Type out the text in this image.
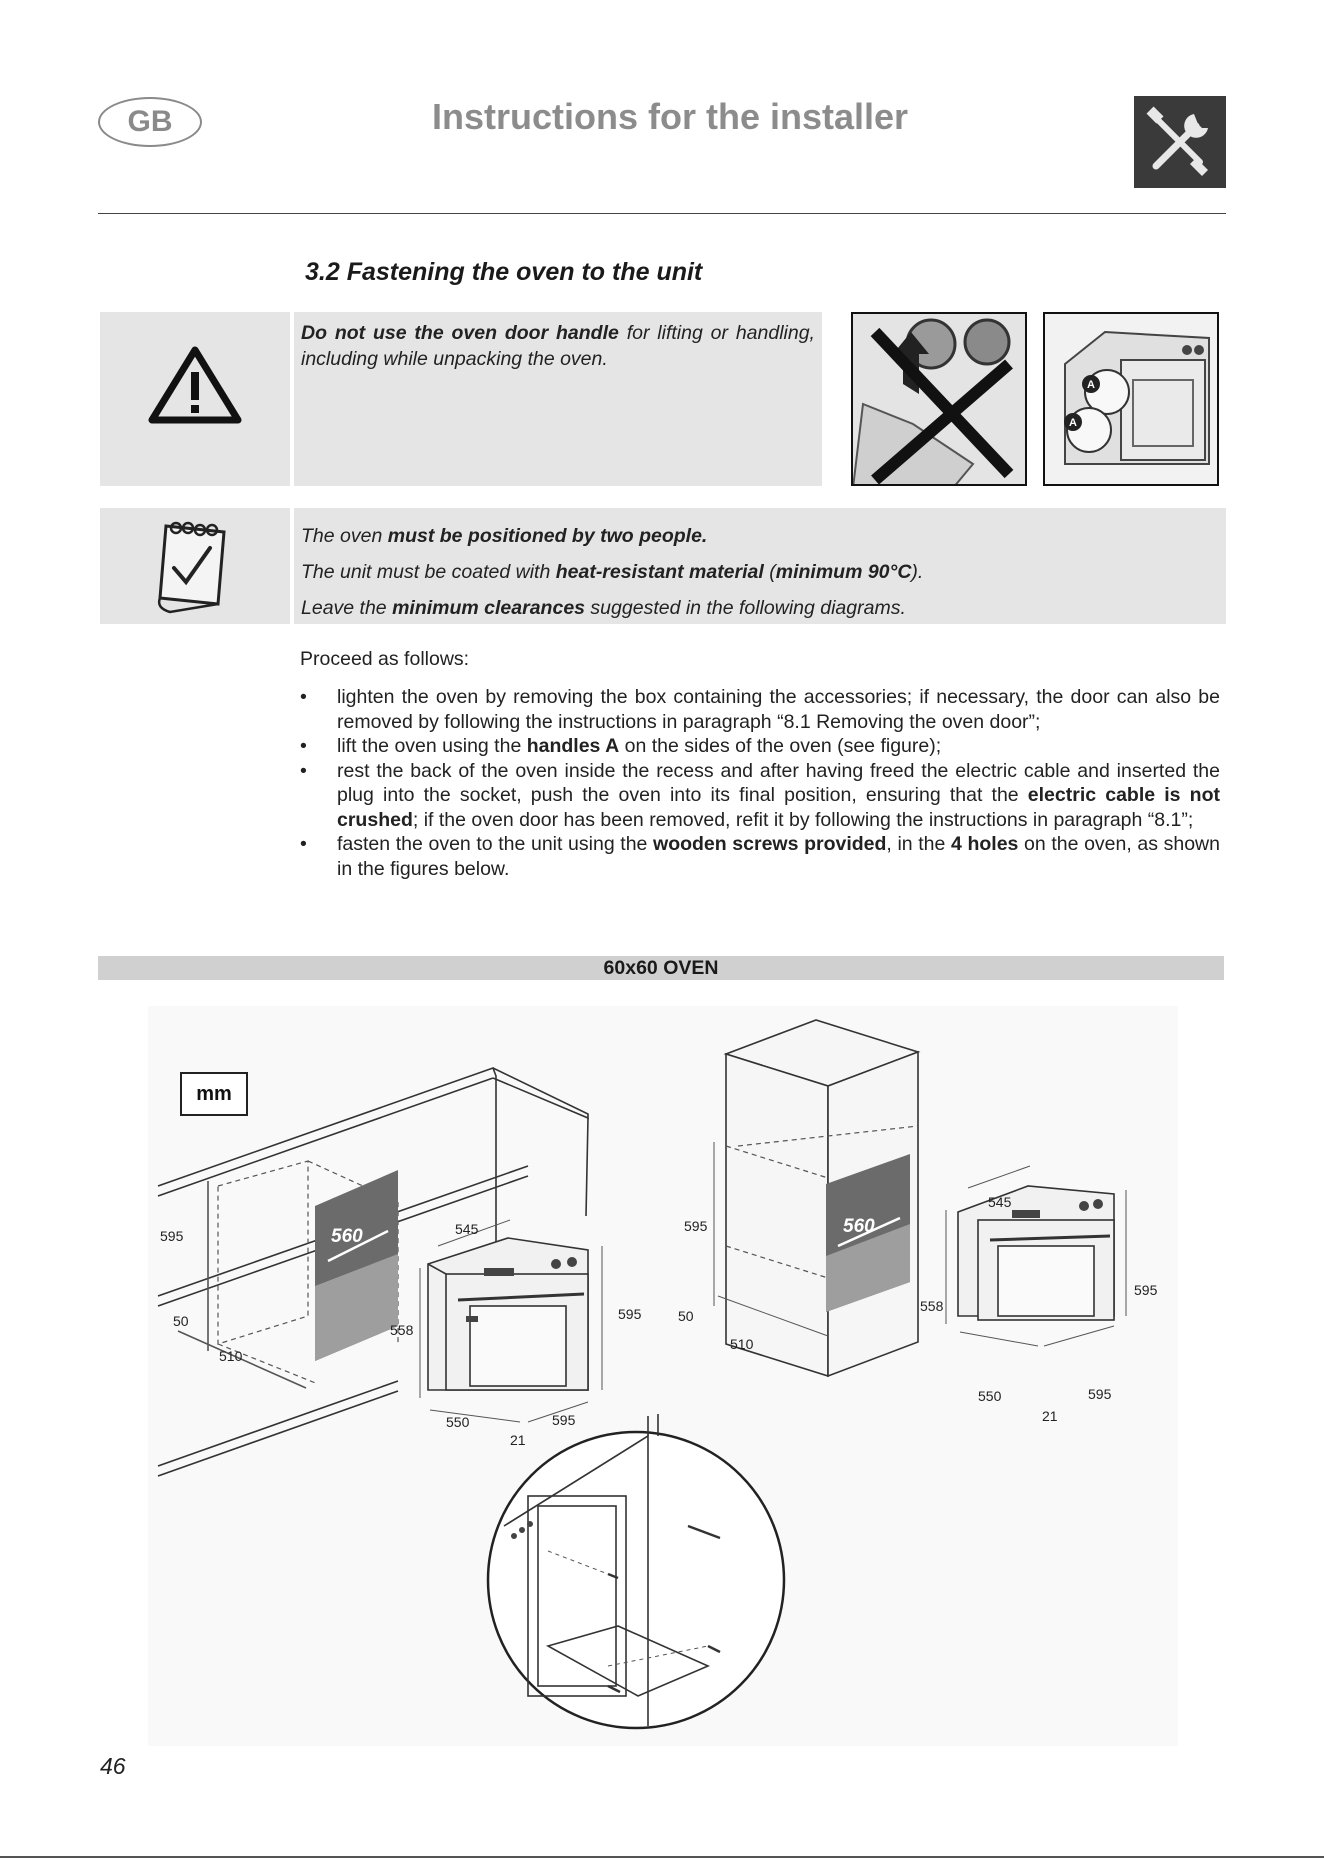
GB	Instructions for the installer
3.2 Fastening the oven to the unit
Do not use the oven door handle for lifting or handling, including while unpacking the oven.
A
A
The oven must be positioned by two people.
The unit must be coated with heat-resistant material (minimum 90°C).
Leave the minimum clearances suggested in the following diagrams.
Proceed as follows:
• lighten the oven by removing the box containing the accessories; if necessary, the door can also be removed by following the instructions in paragraph “8.1 Removing the oven door”;
• lift the oven using the handles A on the sides of the oven (see figure);
• rest the back of the oven inside the recess and after having freed the electric cable and inserted the plug into the socket, push the oven into its final position, ensuring that the electric cable is not crushed; if the oven door has been removed, refit it by following the instructions in paragraph “8.1”;
• fasten the oven to the unit using the wooden screws provided, in the 4 holes on the oven, as shown in the figures below.
60x60 OVEN
mm
560
595
50
510
545
558
595
550	595
21
560
595
50
510
545
558
595
550	595
21
46
